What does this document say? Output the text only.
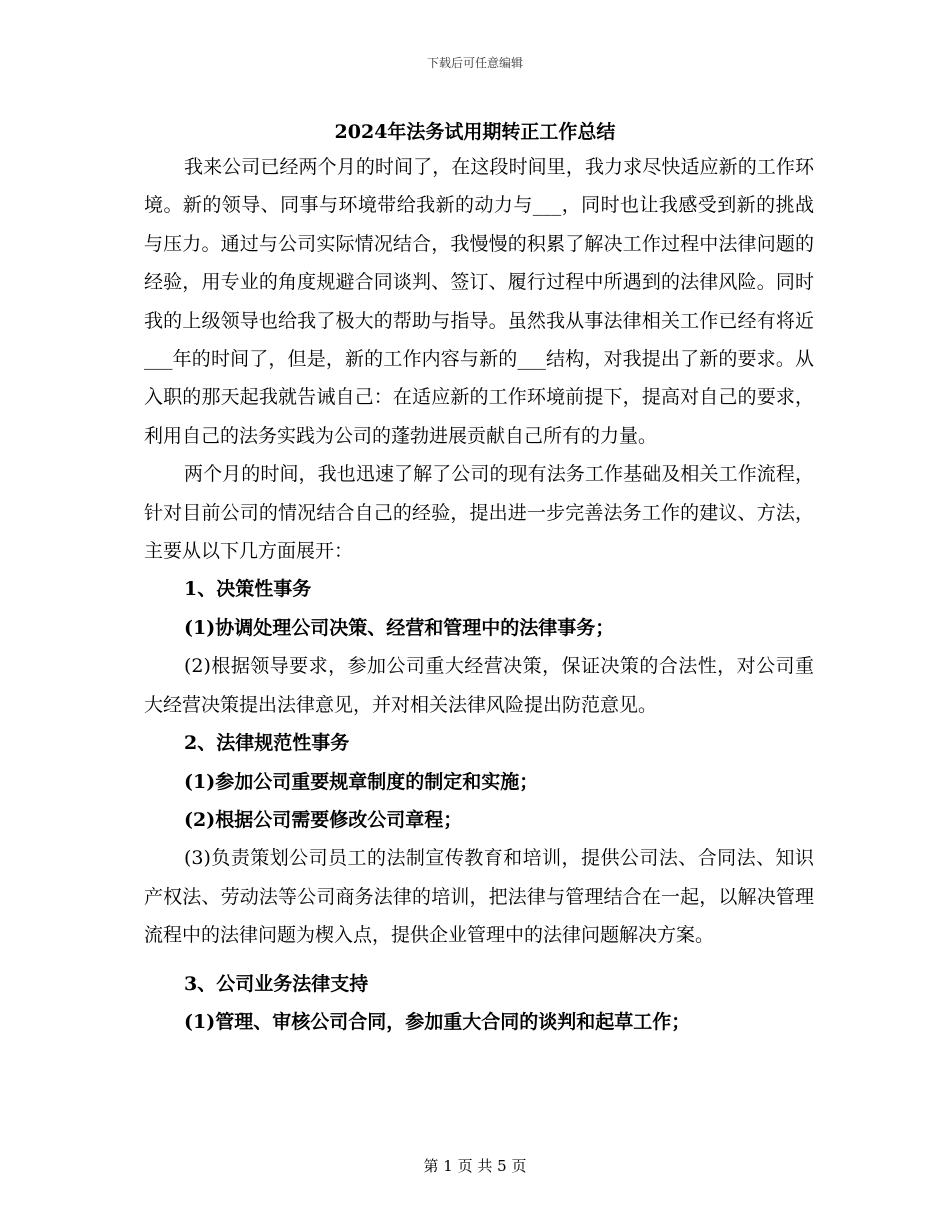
下载后可任意编辑
2024年法务试用期转正工作总结

我来公司已经两个月的时间了，在这段时间里，我力求尽快适应新的工作环境。新的领导、同事与环境带给我新的动力与___，同时也让我感受到新的挑战与压力。通过与公司实际情况结合，我慢慢的积累了解决工作过程中法律问题的经验，用专业的角度规避合同谈判、签订、履行过程中所遇到的法律风险。同时我的上级领导也给我了极大的帮助与指导。虽然我从事法律相关工作已经有将近___年的时间了，但是，新的工作内容与新的___结构，对我提出了新的要求。从入职的那天起我就告诫自己：在适应新的工作环境前提下，提高对自己的要求，利用自己的法务实践为公司的蓬勃进展贡献自己所有的力量。

两个月的时间，我也迅速了解了公司的现有法务工作基础及相关工作流程，针对目前公司的情况结合自己的经验，提出进一步完善法务工作的建议、方法，主要从以下几方面展开：

1、决策性事务

(1)协调处理公司决策、经营和管理中的法律事务；

(2)根据领导要求，参加公司重大经营决策，保证决策的合法性，对公司重大经营决策提出法律意见，并对相关法律风险提出防范意见。

2、法律规范性事务

(1)参加公司重要规章制度的制定和实施；

(2)根据公司需要修改公司章程；

(3)负责策划公司员工的法制宣传教育和培训，提供公司法、合同法、知识产权法、劳动法等公司商务法律的培训，把法律与管理结合在一起，以解决管理流程中的法律问题为楔入点，提供企业管理中的法律问题解决方案。

3、公司业务法律支持

(1)管理、审核公司合同，参加重大合同的谈判和起草工作；

第 1 页 共 5 页
